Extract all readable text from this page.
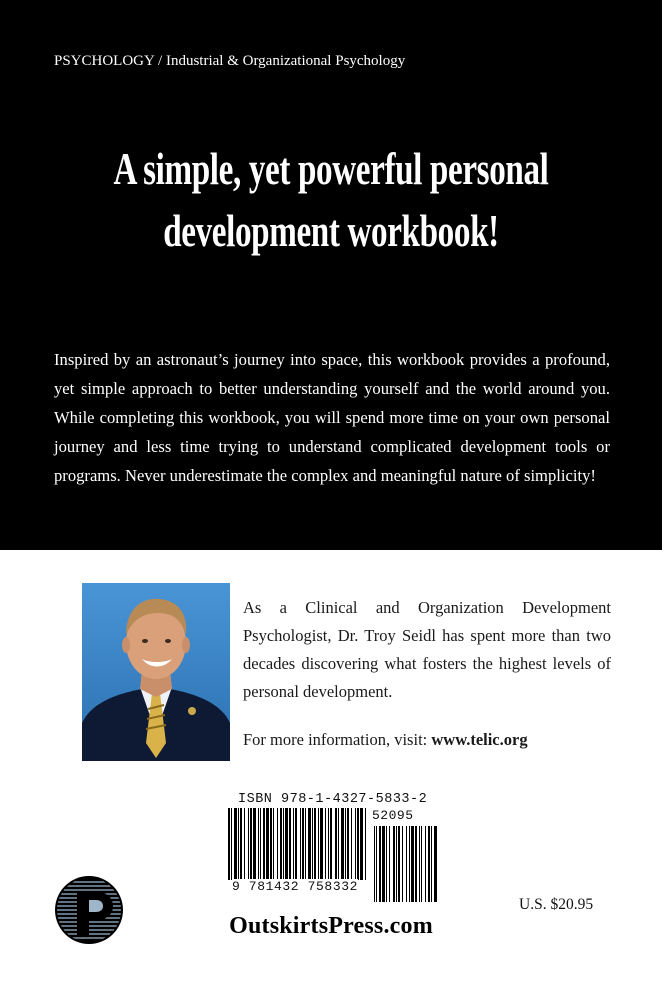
PSYCHOLOGY / Industrial & Organizational Psychology
A simple, yet powerful personal
development workbook!
Inspired by an astronaut’s journey into space, this workbook provides a profound, yet simple approach to better understanding yourself and the world around you. While completing this workbook, you will spend more time on your own personal journey and less time trying to understand complicated development tools or programs. Never underestimate the complex and meaningful nature of simplicity!
As a Clinical and Organization Development Psychologist, Dr. Troy Seidl has spent more than two decades discovering what fosters the highest levels of personal development.
For more information, visit: www.telic.org
ISBN 978-1-4327-5833-2
52095
9 781432 758332
U.S. $20.95
OutskirtsPress.com
